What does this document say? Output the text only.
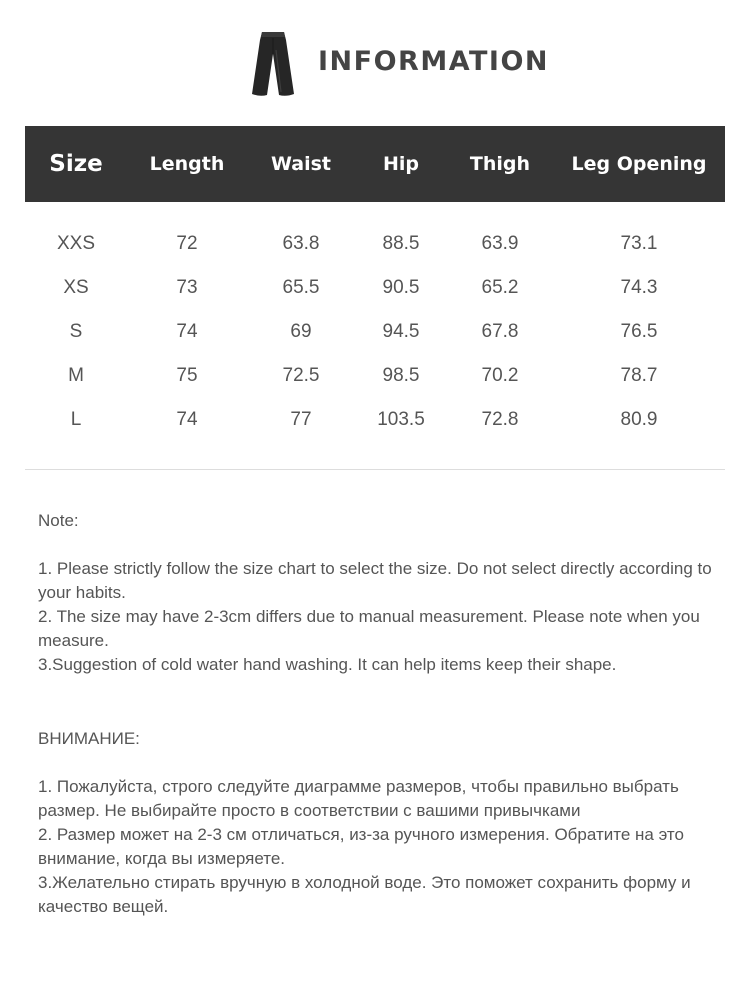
INFORMATION
Size	Length	Waist	Hip	Thigh	Leg Opening

XXS	72	63.8	88.5	63.9	73.1
XS	73	65.5	90.5	65.2	74.3
S	74	69	94.5	67.8	76.5
M	75	72.5	98.5	70.2	78.7
L	74	77	103.5	72.8	80.9

Note:

1. Please strictly follow the size chart to select the size. Do not select directly according to your habits.

2. The size may have 2-3cm differs due to manual measurement. Please note when you measure.

3.Suggestion of cold water hand washing. It can help items keep their shape.

ВНИМАНИЕ:

1. Пожалуйста, строго следуйте диаграмме размеров, чтобы правильно выбрать размер. Не выбирайте просто в соответствии с вашими привычками

2. Размер может на 2-3 см отличаться, из-за ручного измерения. Обратите на это внимание, когда вы измеряете.

3.Желательно стирать вручную в холодной воде. Это поможет сохранить форму и качество вещей.
